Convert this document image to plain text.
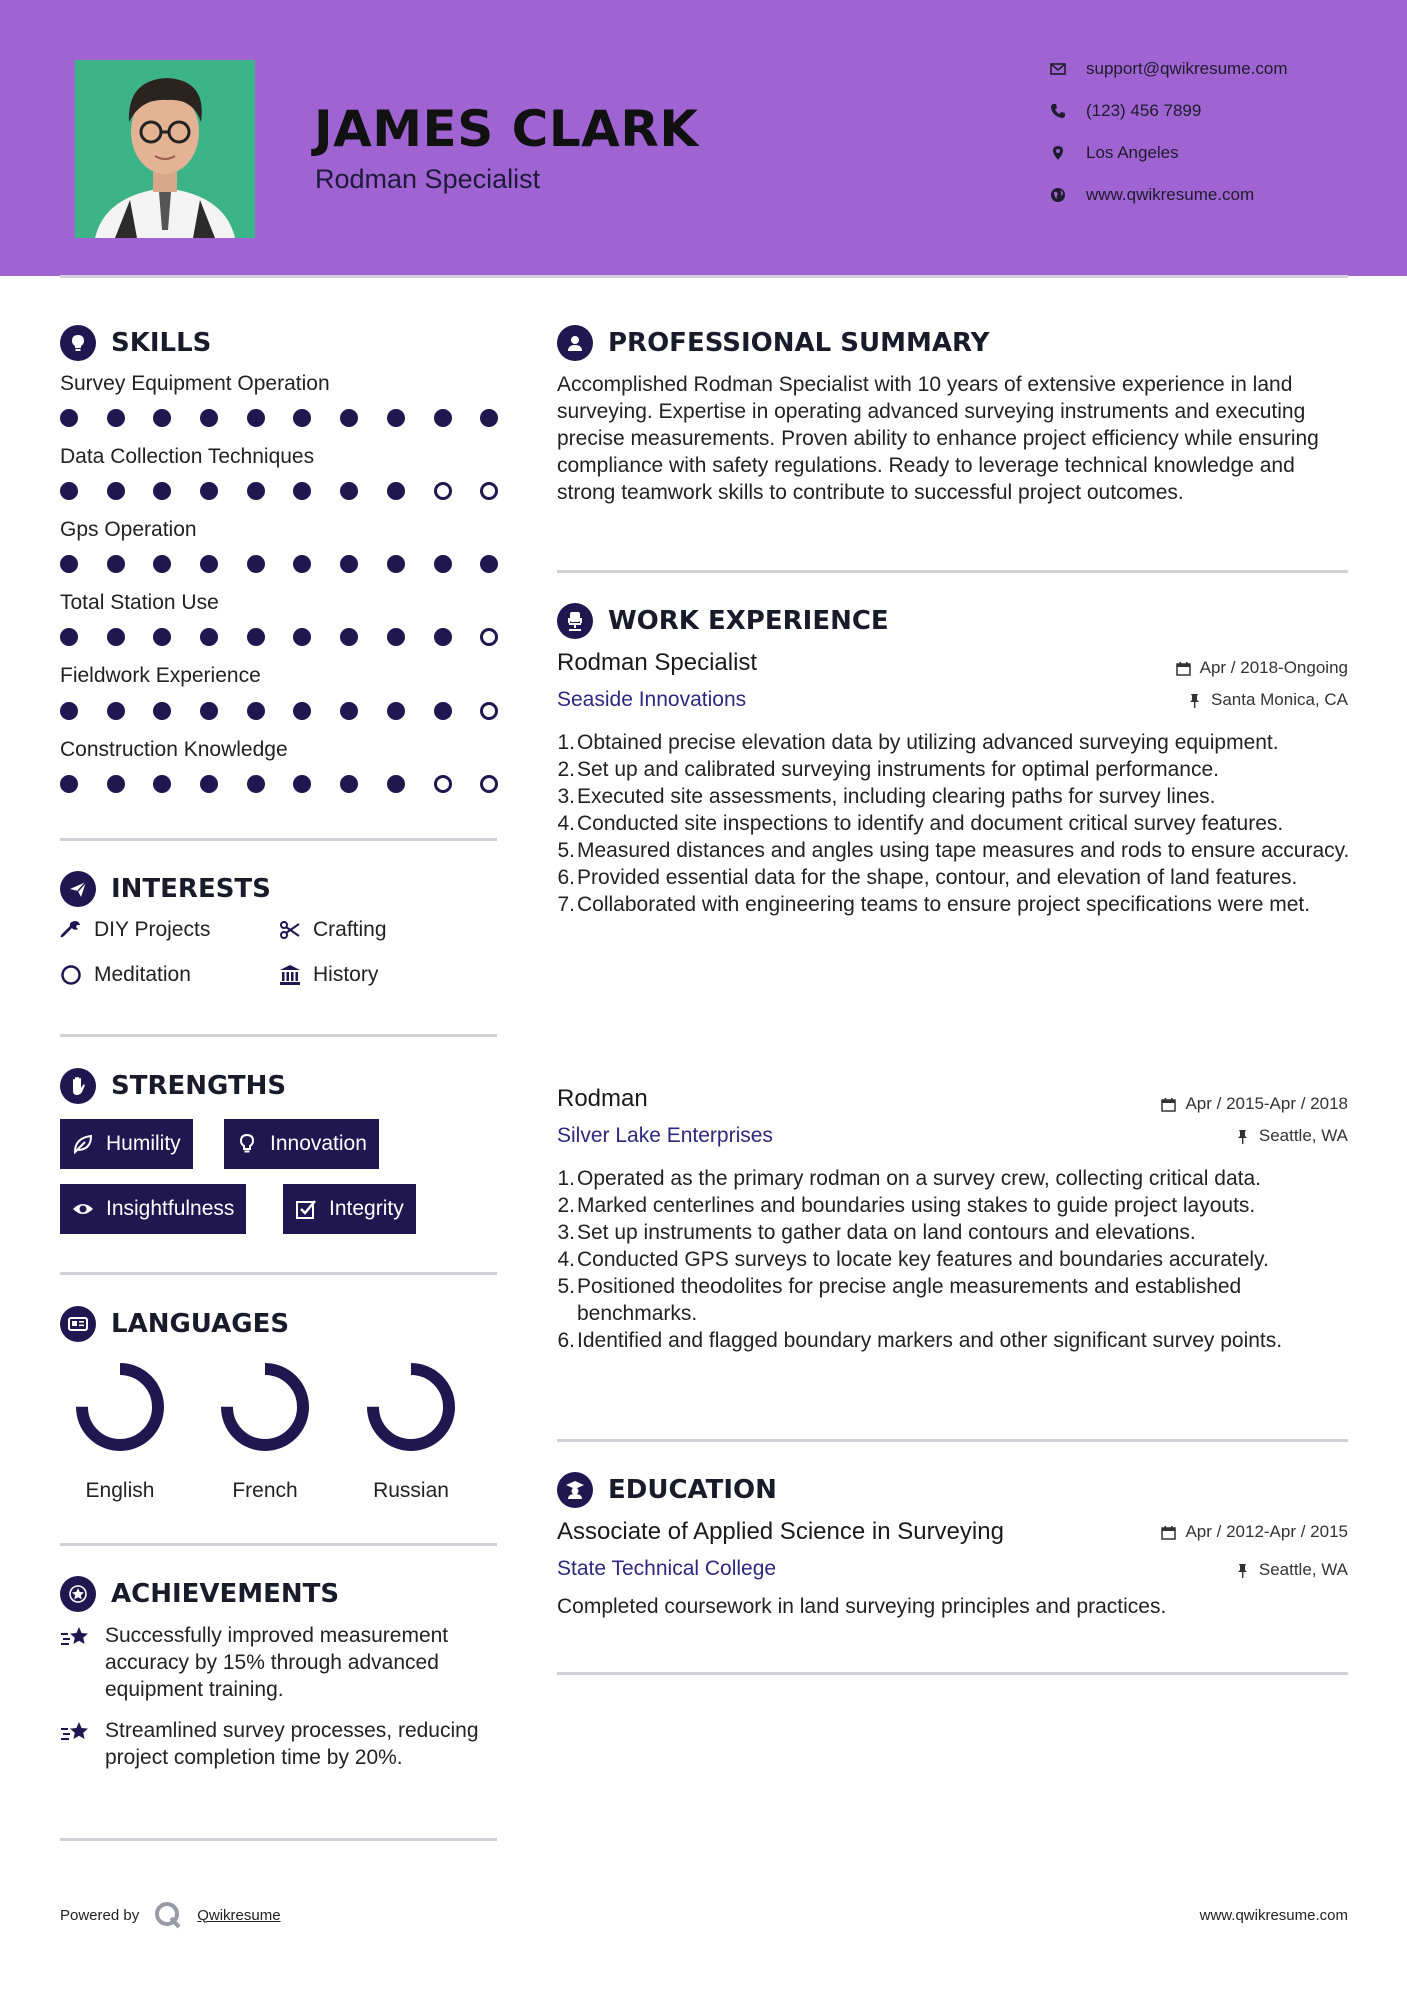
JAMES CLARK
Rodman Specialist
support@qwikresume.com
(123) 456 7899
Los Angeles
www.qwikresume.com
SKILLS
Survey Equipment Operation
Data Collection Techniques
Gps Operation
Total Station Use
Fieldwork Experience
Construction Knowledge
INTERESTS
DIY Projects	Crafting
Meditation	History
STRENGTHS
Humility	Innovation
Insightfulness	Integrity
LANGUAGES
English	French	Russian
ACHIEVEMENTS
Successfully improved measurement accuracy by 15% through advanced equipment training.
Streamlined survey processes, reducing project completion time by 20%.
PROFESSIONAL SUMMARY
Accomplished Rodman Specialist with 10 years of extensive experience in land surveying. Expertise in operating advanced surveying instruments and executing precise measurements. Proven ability to enhance project efficiency while ensuring compliance with safety regulations. Ready to leverage technical knowledge and strong teamwork skills to contribute to successful project outcomes.
WORK EXPERIENCE
Rodman Specialist	Apr / 2018-Ongoing
Seaside Innovations	Santa Monica, CA
1. Obtained precise elevation data by utilizing advanced surveying equipment.
2. Set up and calibrated surveying instruments for optimal performance.
3. Executed site assessments, including clearing paths for survey lines.
4. Conducted site inspections to identify and document critical survey features.
5. Measured distances and angles using tape measures and rods to ensure accuracy.
6. Provided essential data for the shape, contour, and elevation of land features.
7. Collaborated with engineering teams to ensure project specifications were met.
Rodman	Apr / 2015-Apr / 2018
Silver Lake Enterprises	Seattle, WA
1. Operated as the primary rodman on a survey crew, collecting critical data.
2. Marked centerlines and boundaries using stakes to guide project layouts.
3. Set up instruments to gather data on land contours and elevations.
4. Conducted GPS surveys to locate key features and boundaries accurately.
5. Positioned theodolites for precise angle measurements and established benchmarks.
6. Identified and flagged boundary markers and other significant survey points.
EDUCATION
Associate of Applied Science in Surveying	Apr / 2012-Apr / 2015
State Technical College	Seattle, WA
Completed coursework in land surveying principles and practices.
Powered by	Qwikresume	www.qwikresume.com
